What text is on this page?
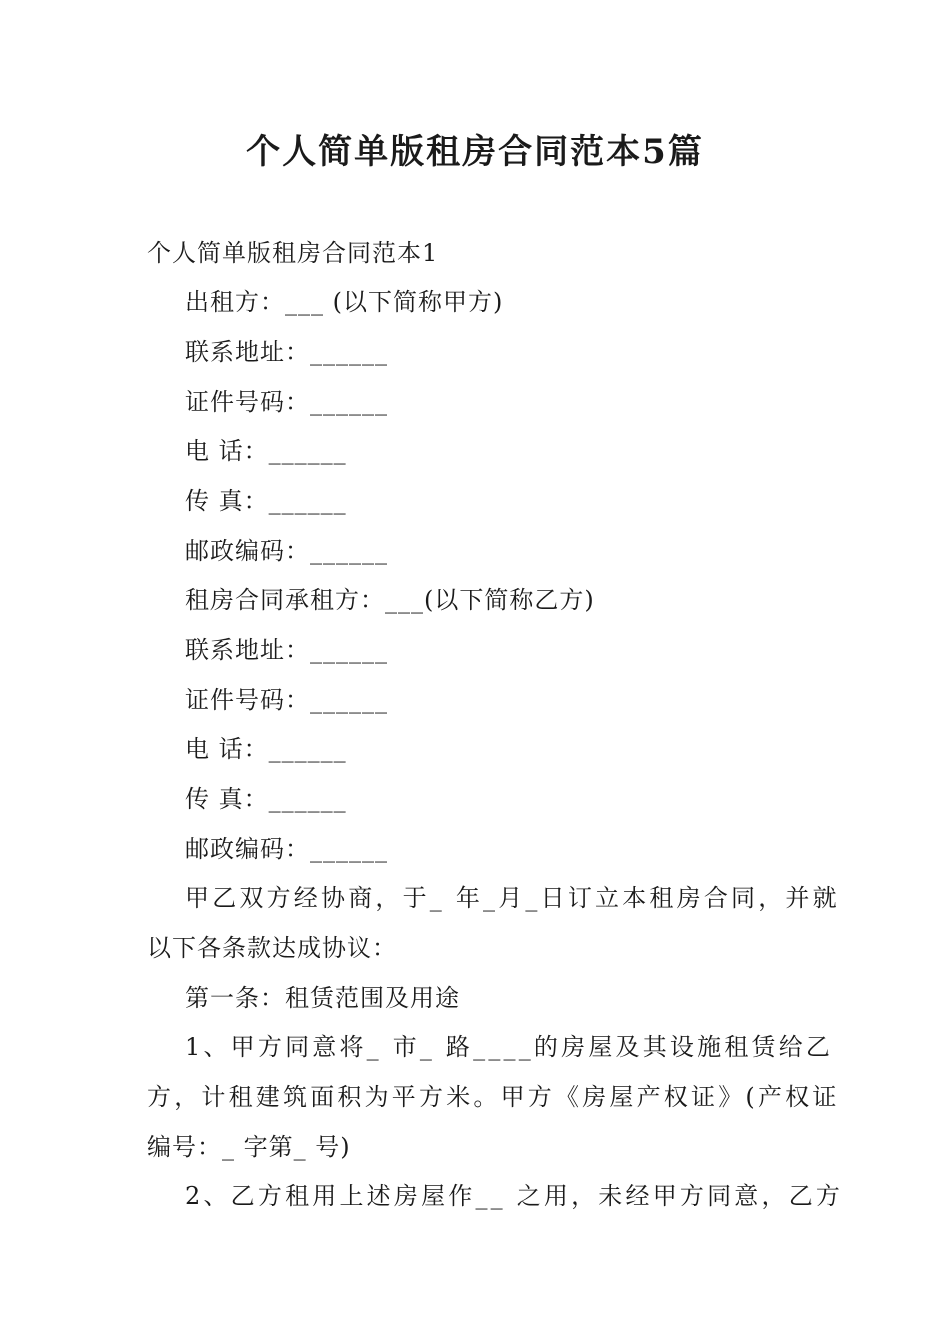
个人简单版租房合同范本5篇
个人简单版租房合同范本1
出租方：___ (以下简称甲方)
联系地址：______
证件号码：______
电 话：______
传 真：______
邮政编码：______
租房合同承租方：___(以下简称乙方)
联系地址：______
证件号码：______
电 话：______
传 真：______
邮政编码：______
甲乙双方经协商，于_ 年_月_日订立本租房合同，并就
以下各条款达成协议：
第一条：租赁范围及用途
1、甲方同意将_ 市_ 路____的房屋及其设施租赁给乙
方，计租建筑面积为平方米。甲方《房屋产权证》(产权证
编号：_ 字第_ 号)
2、乙方租用上述房屋作__ 之用，未经甲方同意，乙方
